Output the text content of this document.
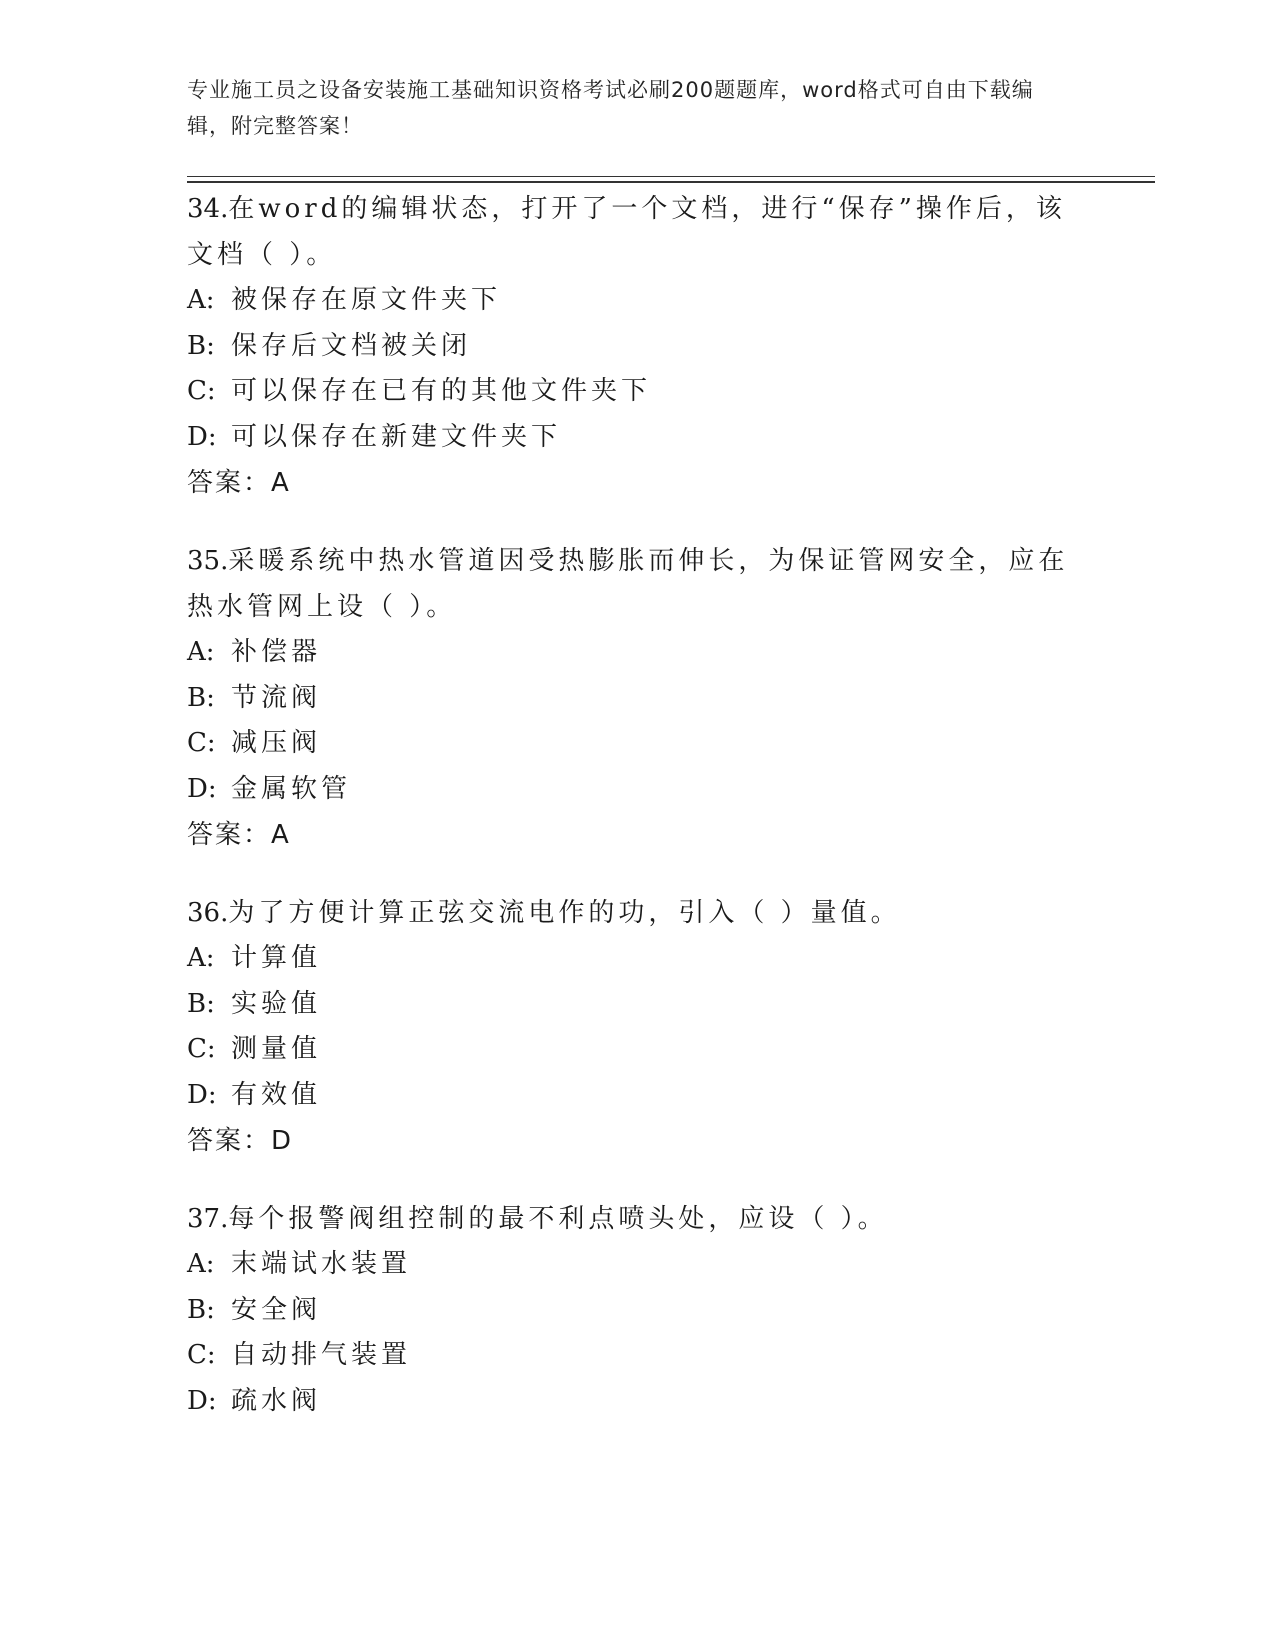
专业施工员之设备安装施工基础知识资格考试必刷200题题库，word格式可自由下载编辑，附完整答案！

34.在word的编辑状态，打开了一个文档，进行“保存”操作后，该文档（ ）。

A: 被保存在原文件夹下

B: 保存后文档被关闭

C: 可以保存在已有的其他文件夹下

D: 可以保存在新建文件夹下

答案：A

35.采暖系统中热水管道因受热膨胀而伸长，为保证管网安全，应在热水管网上设（ ）。

A: 补偿器

B: 节流阀

C: 减压阀

D: 金属软管

答案：A

36.为了方便计算正弦交流电作的功，引入（ ）量值。

A: 计算值

B: 实验值

C: 测量值

D: 有效值

答案：D

37.每个报警阀组控制的最不利点喷头处，应设（ ）。

A: 末端试水装置

B: 安全阀

C: 自动排气装置

D: 疏水阀
